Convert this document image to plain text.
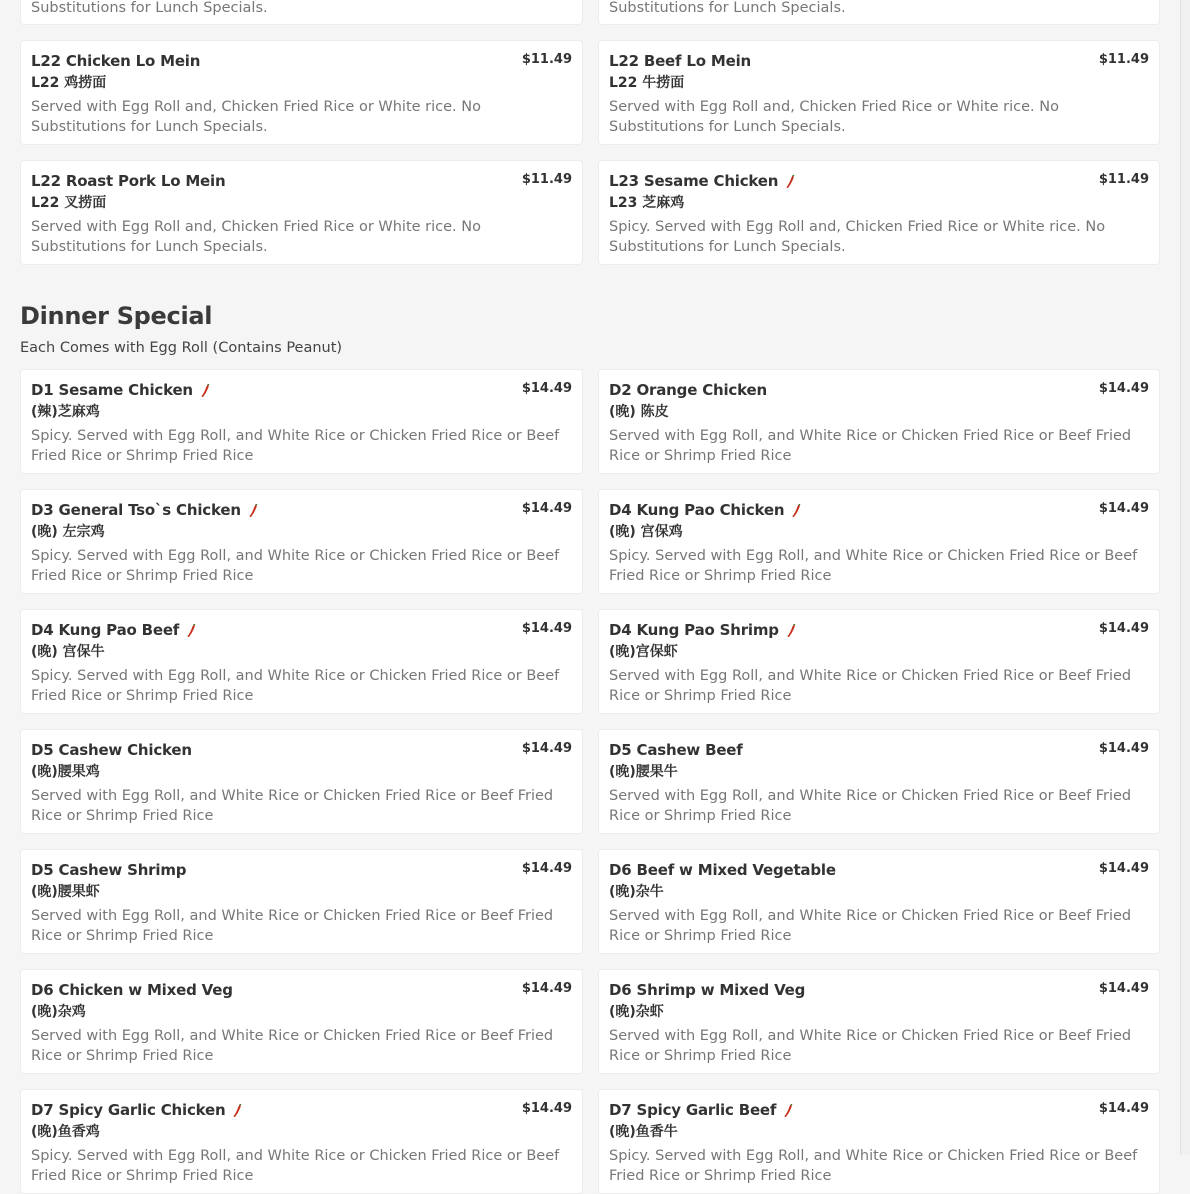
Substitutions for Lunch Specials.	Substitutions for Lunch Specials.
L22 Chicken Lo Mein	$11.49
L22 鸡捞面
Served with Egg Roll and, Chicken Fried Rice or White rice. No Substitutions for Lunch Specials.
L22 Beef Lo Mein	$11.49
L22 牛捞面
Served with Egg Roll and, Chicken Fried Rice or White rice. No Substitutions for Lunch Specials.
L22 Roast Pork Lo Mein	$11.49
L22 叉捞面
Served with Egg Roll and, Chicken Fried Rice or White rice. No Substitutions for Lunch Specials.
L23 Sesame Chicken	$11.49
L23 芝麻鸡
Spicy. Served with Egg Roll and, Chicken Fried Rice or White rice. No Substitutions for Lunch Specials.
Dinner Special
Each Comes with Egg Roll (Contains Peanut)
D1 Sesame Chicken	$14.49
(辣)芝麻鸡
Spicy. Served with Egg Roll, and White Rice or Chicken Fried Rice or Beef Fried Rice or Shrimp Fried Rice
D2 Orange Chicken	$14.49
(晚) 陈皮
Served with Egg Roll, and White Rice or Chicken Fried Rice or Beef Fried Rice or Shrimp Fried Rice
D3 General Tso`s Chicken	$14.49
(晚) 左宗鸡
Spicy. Served with Egg Roll, and White Rice or Chicken Fried Rice or Beef Fried Rice or Shrimp Fried Rice
D4 Kung Pao Chicken	$14.49
(晚) 宫保鸡
Spicy. Served with Egg Roll, and White Rice or Chicken Fried Rice or Beef Fried Rice or Shrimp Fried Rice
D4 Kung Pao Beef	$14.49
(晚) 宫保牛
Spicy. Served with Egg Roll, and White Rice or Chicken Fried Rice or Beef Fried Rice or Shrimp Fried Rice
D4 Kung Pao Shrimp	$14.49
(晚)宫保虾
Served with Egg Roll, and White Rice or Chicken Fried Rice or Beef Fried Rice or Shrimp Fried Rice
D5 Cashew Chicken	$14.49
(晚)腰果鸡
Served with Egg Roll, and White Rice or Chicken Fried Rice or Beef Fried Rice or Shrimp Fried Rice
D5 Cashew Beef	$14.49
(晚)腰果牛
Served with Egg Roll, and White Rice or Chicken Fried Rice or Beef Fried Rice or Shrimp Fried Rice
D5 Cashew Shrimp	$14.49
(晚)腰果虾
Served with Egg Roll, and White Rice or Chicken Fried Rice or Beef Fried Rice or Shrimp Fried Rice
D6 Beef w Mixed Vegetable	$14.49
(晚)杂牛
Served with Egg Roll, and White Rice or Chicken Fried Rice or Beef Fried Rice or Shrimp Fried Rice
D6 Chicken w Mixed Veg	$14.49
(晚)杂鸡
Served with Egg Roll, and White Rice or Chicken Fried Rice or Beef Fried Rice or Shrimp Fried Rice
D6 Shrimp w Mixed Veg	$14.49
(晚)杂虾
Served with Egg Roll, and White Rice or Chicken Fried Rice or Beef Fried Rice or Shrimp Fried Rice
D7 Spicy Garlic Chicken	$14.49
(晚)鱼香鸡
Spicy. Served with Egg Roll, and White Rice or Chicken Fried Rice or Beef Fried Rice or Shrimp Fried Rice
D7 Spicy Garlic Beef	$14.49
(晚)鱼香牛
Spicy. Served with Egg Roll, and White Rice or Chicken Fried Rice or Beef Fried Rice or Shrimp Fried Rice
